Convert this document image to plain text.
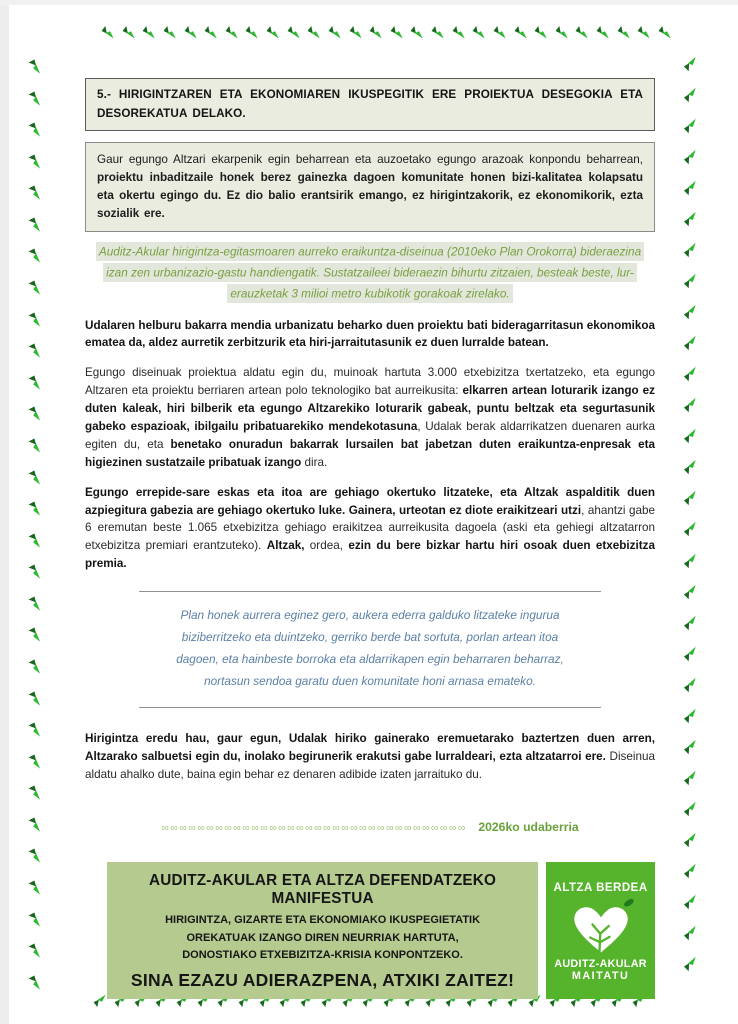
5.- HIRIGINTZAREN ETA EKONOMIAREN IKUSPEGITIK ERE PROIEKTUA DESEGOKIA ETA DESOREKATUA DELAKO.
Gaur egungo Altzari ekarpenik egin beharrean eta auzoetako egungo arazoak konpondu beharrean, proiektu inbaditzaile honek berez gainezka dagoen komunitate honen bizi-kalitatea kolapsatu eta okertu egingo du. Ez dio balio erantsirik emango, ez hirigintzakorik, ez ekonomikorik, ezta sozialik ere.

Auditz-Akular hirigintza-egitasmoaren aurreko eraikuntza-diseinua (2010eko Plan Orokorra) bideraezina izan zen urbanizazio-gastu handiengatik. Sustatzaileei bideraezin bihurtu zitzaien, besteak beste, lur-erauzketak 3 milioi metro kubikotik gorakoak zirelako.

Udalaren helburu bakarra mendia urbanizatu beharko duen proiektu bati bideragarritasun ekonomikoa ematea da, aldez aurretik zerbitzurik eta hiri-jarraitutasunik ez duen lurralde batean.

Egungo diseinuak proiektua aldatu egin du, muinoak hartuta 3.000 etxebizitza txertatzeko, eta egungo Altzaren eta proiektu berriaren artean polo teknologiko bat aurreikusita: elkarren artean loturarik izango ez duten kaleak, hiri bilberik eta egungo Altzarekiko loturarik gabeak, puntu beltzak eta segurtasunik gabeko espazioak, ibilgailu pribatuarekiko mendekotasuna, Udalak berak aldarrikatzen duenaren aurka egiten du, eta benetako onuradun bakarrak lursailen bat jabetzan duten eraikuntza-enpresak eta higiezinen sustatzaile pribatuak izango dira.

Egungo errepide-sare eskas eta itoa are gehiago okertuko litzateke, eta Altzak aspalditik duen azpiegitura gabezia are gehiago okertuko luke. Gainera, urteotan ez diote eraikitzeari utzi, ahantzi gabe 6 eremutan beste 1.065 etxebizitza gehiago eraikitzea aurreikusita dagoela (aski eta gehiegi altzatarron etxebizitza premiari erantzuteko). Altzak, ordea, ezin du bere bizkar hartu hiri osoak duen etxebizitza premia.

Plan honek aurrera eginez gero, aukera ederra galduko litzateke ingurua biziberritzeko eta duintzeko, gerriko berde bat sortuta, porlan artean itoa dagoen, eta hainbeste borroka eta aldarrikapen egin beharraren beharraz, nortasun sendoa garatu duen komunitate honi arnasa emateko.

Hirigintza eredu hau, gaur egun, Udalak hiriko gainerako eremuetarako baztertzen duen arren, Altzarako salbuetsi egin du, inolako begirunerik erakutsi gabe lurraldeari, ezta altzatarroi ere. Diseinua aldatu ahalko dute, baina egin behar ez denaren adibide izaten jarraituko du.

∞∞∞∞∞∞∞∞∞∞∞∞∞∞∞∞∞∞∞∞∞∞∞∞∞∞∞∞∞∞∞∞∞∞ 2026ko udaberria

AUDITZ-AKULAR ETA ALTZA DEFENDATZEKO MANIFESTUA
HIRIGINTZA, GIZARTE ETA EKONOMIAKO IKUSPEGIETATIK
OREKATUAK IZANGO DIREN NEURRIAK HARTUTA,
DONOSTIAKO ETXEBIZITZA-KRISIA KONPONTZEKO.
SINA EZAZU ADIERAZPENA, ATXIKI ZAITEZ!
ALTZA BERDEA
AUDITZ-AKULAR
MAITATU
